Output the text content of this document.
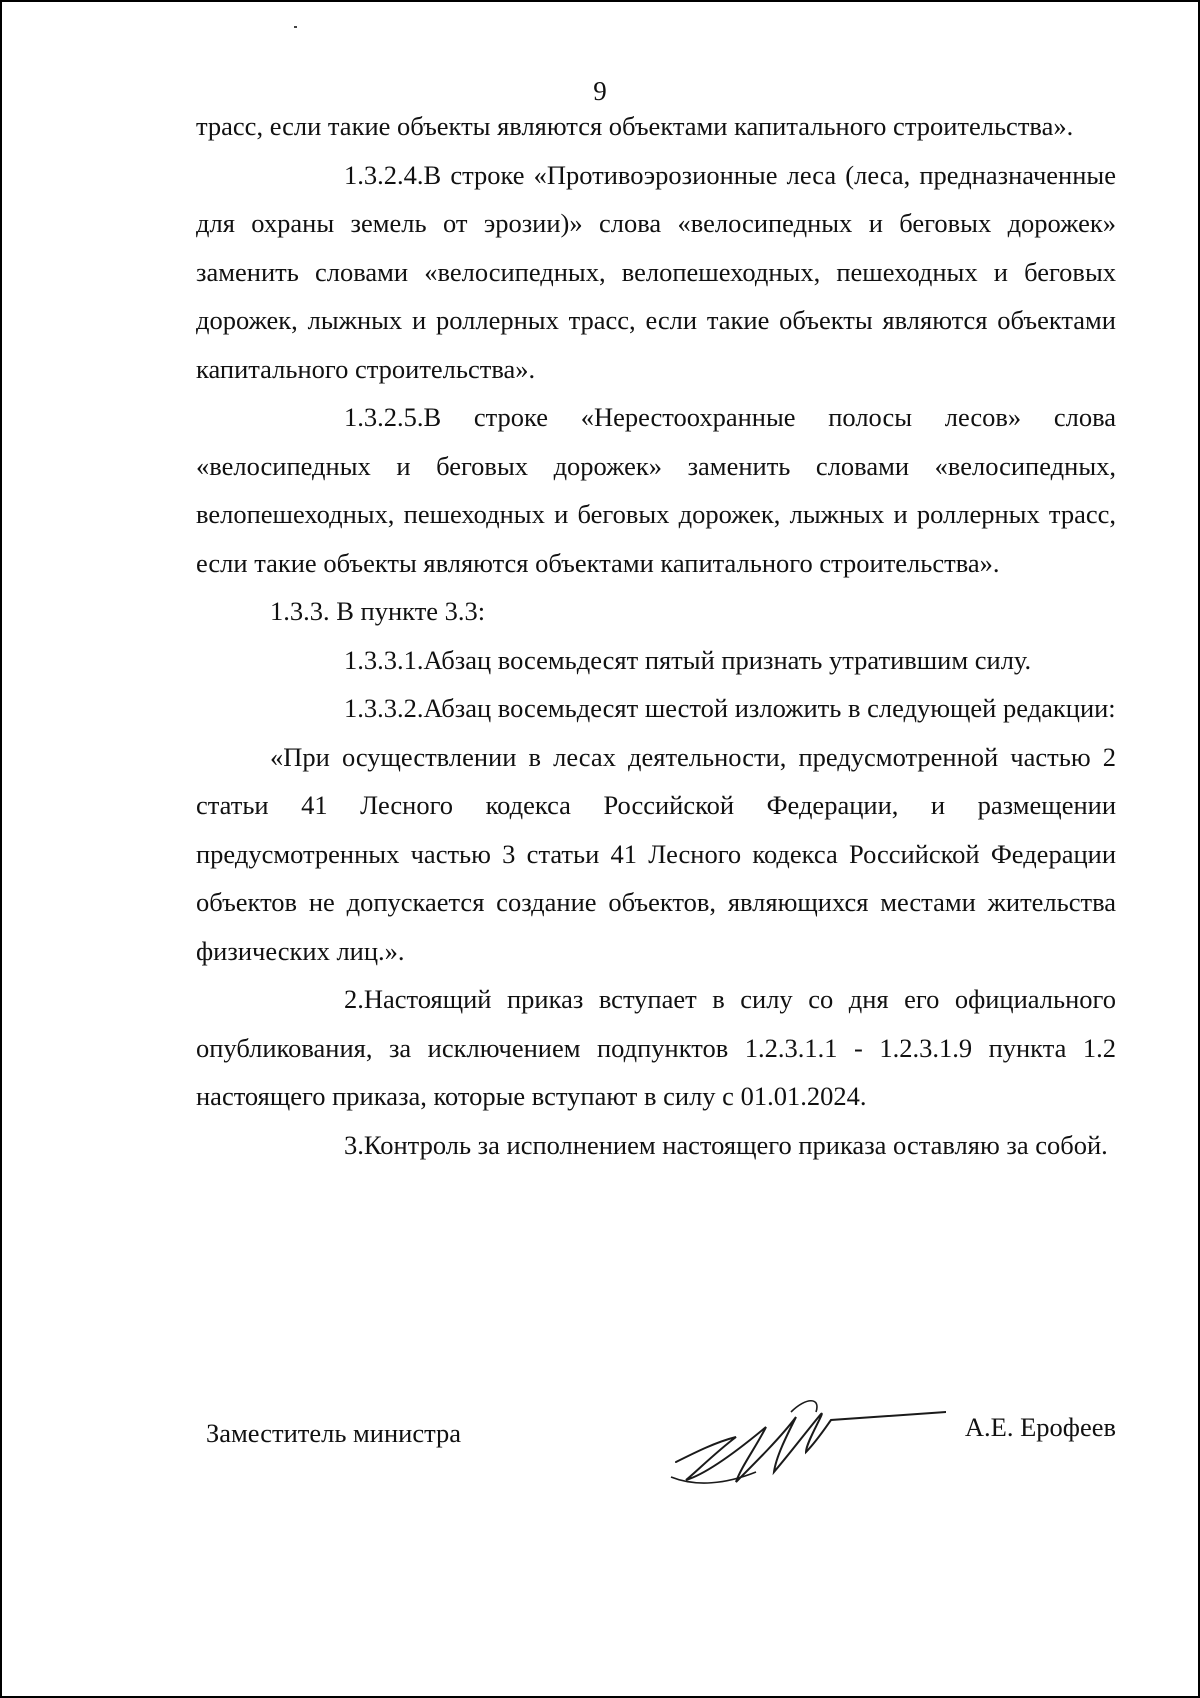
9

трасс, если такие объекты являются объектами капитального строительства».

1.3.2.4.В строке «Противоэрозионные леса (леса, предназначенные для охраны земель от эрозии)» слова «велосипедных и беговых дорожек» заменить словами «велосипедных, велопешеходных, пешеходных и беговых дорожек, лыжных и роллерных трасс, если такие объекты являются объектами капитального строительства».

1.3.2.5.В строке «Нерестоохранные полосы лесов» слова «велосипедных и беговых дорожек» заменить словами «велосипедных, велопешеходных, пешеходных и беговых дорожек, лыжных и роллерных трасс, если такие объекты являются объектами капитального строительства».

1.3.3. В пункте 3.3:

1.3.3.1.Абзац восемьдесят пятый признать утратившим силу.

1.3.3.2.Абзац восемьдесят шестой изложить в следующей редакции:

«При осуществлении в лесах деятельности, предусмотренной частью 2 статьи 41 Лесного кодекса Российской Федерации, и размещении предусмотренных частью 3 статьи 41 Лесного кодекса Российской Федерации объектов не допускается создание объектов, являющихся местами жительства физических лиц.».

2.Настоящий приказ вступает в силу со дня его официального опубликования, за исключением подпунктов 1.2.3.1.1 - 1.2.3.1.9 пункта 1.2 настоящего приказа, которые вступают в силу с 01.01.2024.

3.Контроль за исполнением настоящего приказа оставляю за собой.

Заместитель министра	А.Е. Ерофеев
